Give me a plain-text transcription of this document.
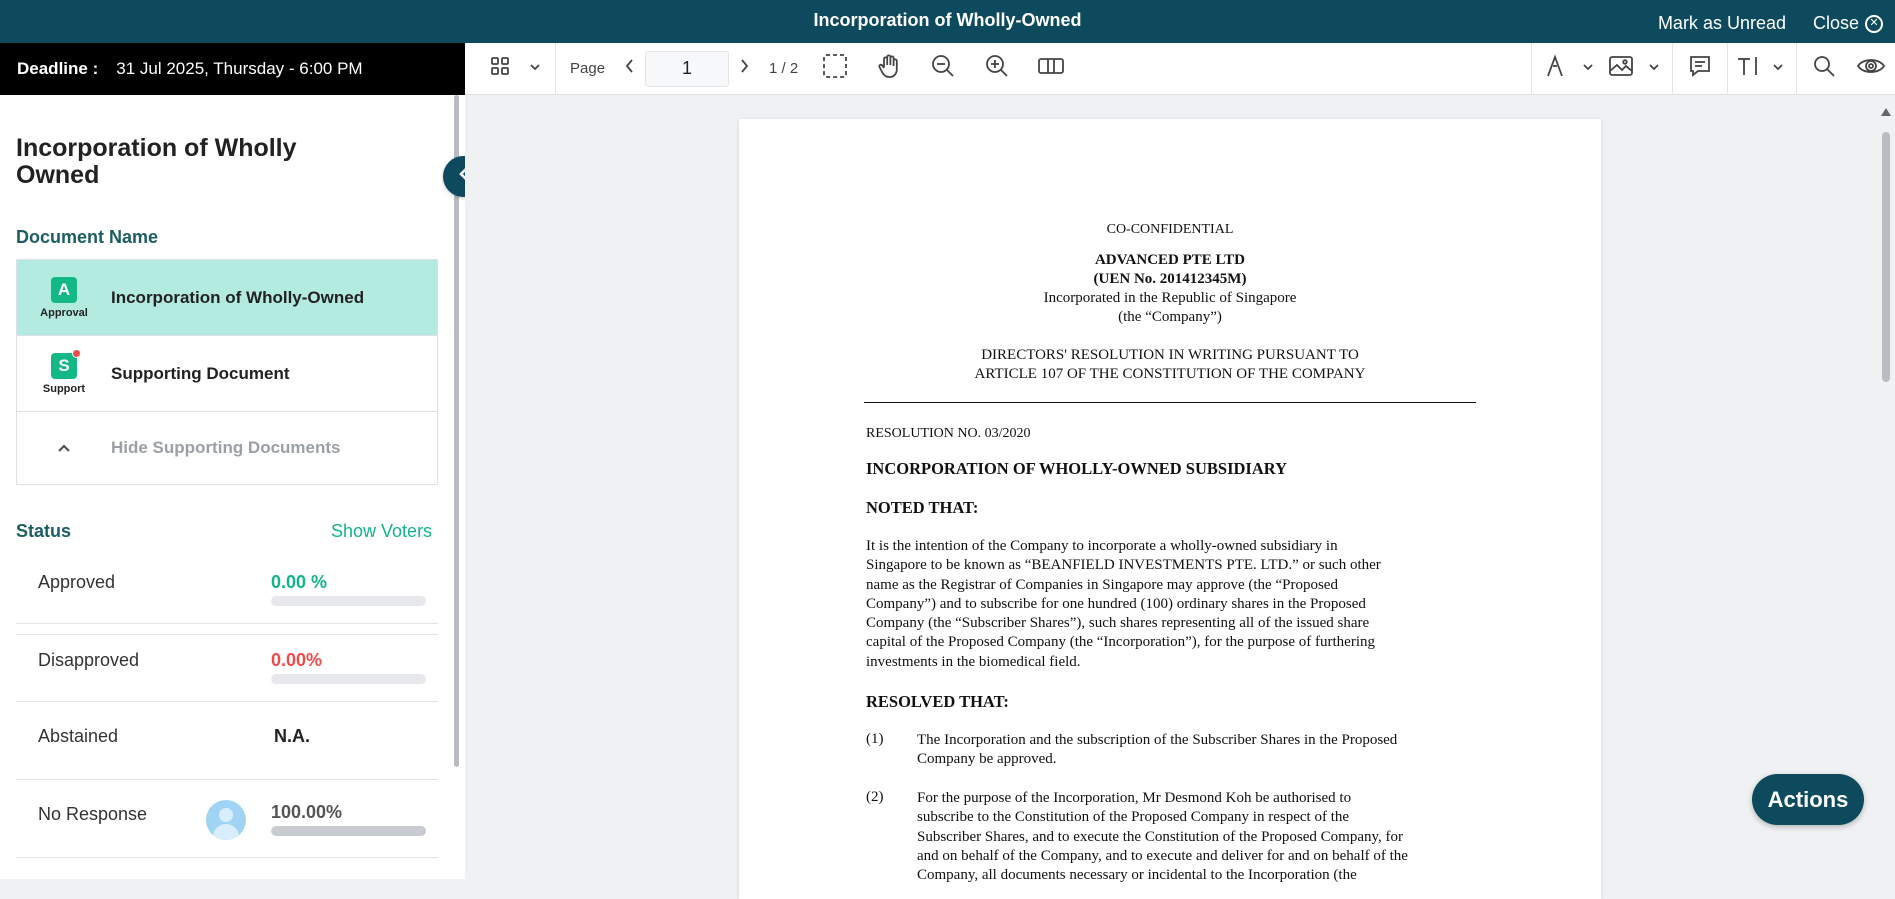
Incorporation of Wholly-Owned	Mark as Unread Close ✕
Deadline : 31 Jul 2025, Thursday - 6:00 PM	Page
1	1 / 2
Incorporation of Wholly Owned
Document Name
A
Approval
Incorporation of Wholly-Owned
S
Support
Supporting Document
Hide Supporting Documents
Status	Show Voters
Approved	0.00 %
Disapproved	0.00%
Abstained	N.A.
No Response	100.00%
CO-CONFIDENTIAL
ADVANCED PTE LTD
(UEN No. 201412345M)
Incorporated in the Republic of Singapore
(the “Company”)
DIRECTORS' RESOLUTION IN WRITING PURSUANT TO
ARTICLE 107 OF THE CONSTITUTION OF THE COMPANY
RESOLUTION NO. 03/2020
INCORPORATION OF WHOLLY-OWNED SUBSIDIARY
NOTED THAT:
It is the intention of the Company to incorporate a wholly-owned subsidiary in
Singapore to be known as “BEANFIELD INVESTMENTS PTE. LTD.” or such other
name as the Registrar of Companies in Singapore may approve (the “Proposed
Company”) and to subscribe for one hundred (100) ordinary shares in the Proposed
Company (the “Subscriber Shares”), such shares representing all of the issued share
capital of the Proposed Company (the “Incorporation”), for the purpose of furthering
investments in the biomedical field.
RESOLVED THAT:
(1) The Incorporation and the subscription of the Subscriber Shares in the Proposed
Company be approved.
(2) For the purpose of the Incorporation, Mr Desmond Koh be authorised to
subscribe to the Constitution of the Proposed Company in respect of the
Subscriber Shares, and to execute the Constitution of the Proposed Company, for
and on behalf of the Company, and to execute and deliver for and on behalf of the
Company, all documents necessary or incidental to the Incorporation (the
Actions
